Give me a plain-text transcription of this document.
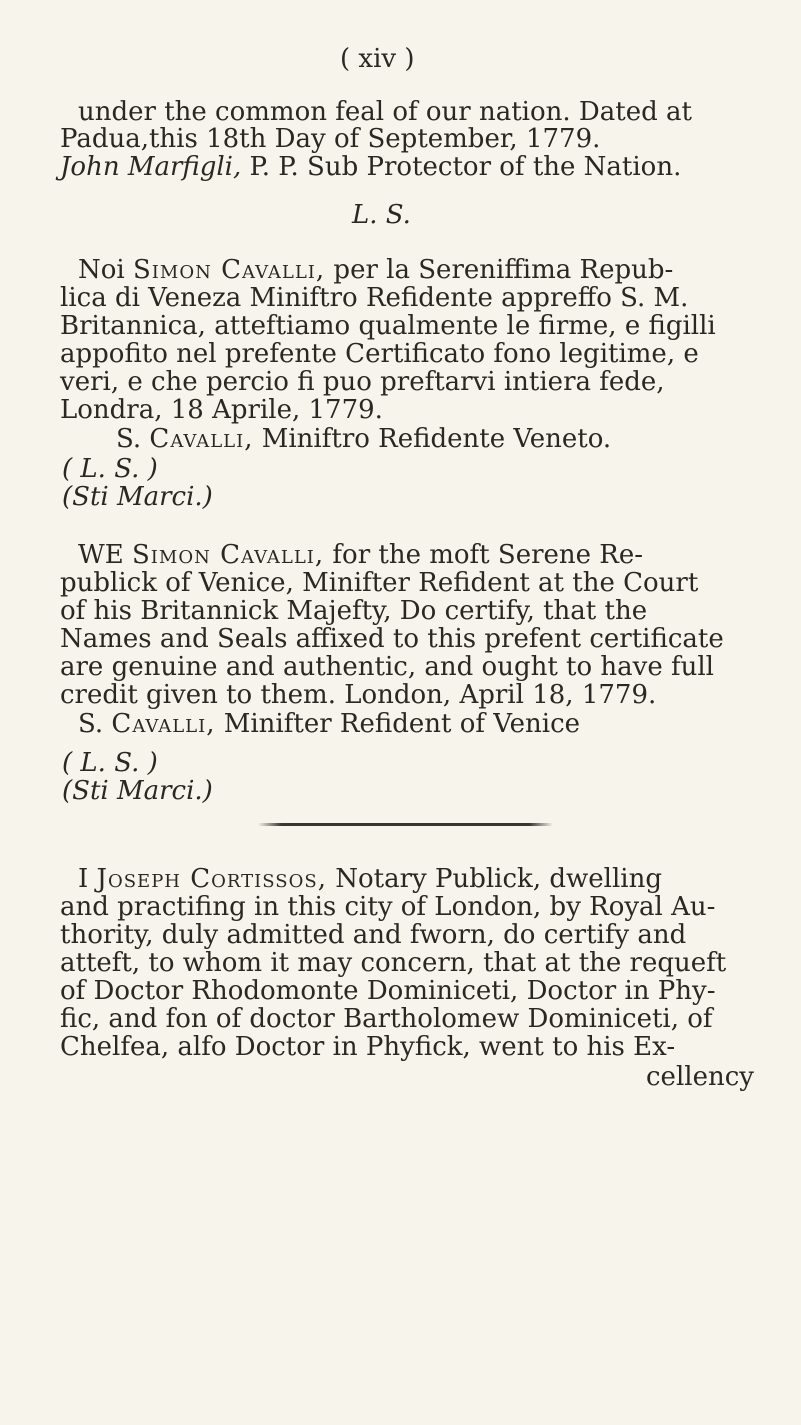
( xiv )
under the common feal of our nation. Dated at
Padua,this 18th Day of September, 1779.
John Marfigli, P. P. Sub Protector of the Nation.
L. S.
Noi Simon Cavalli, per la Sereniffima Repub-
lica di Veneza Miniftro Refidente appreffo S. M.
Britannica, atteftiamo qualmente le firme, e figilli
appofito nel prefente Certificato fono legitime, e
veri, e che percio fi puo preftarvi intiera fede,
Londra, 18 Aprile, 1779.
S. Cavalli, Miniftro Refidente Veneto.
( L. S. )
(Sti Marci.)
WE Simon Cavalli, for the moft Serene Re-
publick of Venice, Minifter Refident at the Court
of his Britannick Majefty, Do certify, that the
Names and Seals affixed to this prefent certificate
are genuine and authentic, and ought to have full
credit given to them. London, April 18, 1779.
S. Cavalli, Minifter Refident of Venice
( L. S. )
(Sti Marci.)
I Joseph Cortissos, Notary Publick, dwelling
and practifing in this city of London, by Royal Au-
thority, duly admitted and fworn, do certify and
atteft, to whom it may concern, that at the requeft
of Doctor Rhodomonte Dominiceti, Doctor in Phy-
fic, and fon of doctor Bartholomew Dominiceti, of
Chelfea, alfo Doctor in Phyfick, went to his Ex-
cellency
